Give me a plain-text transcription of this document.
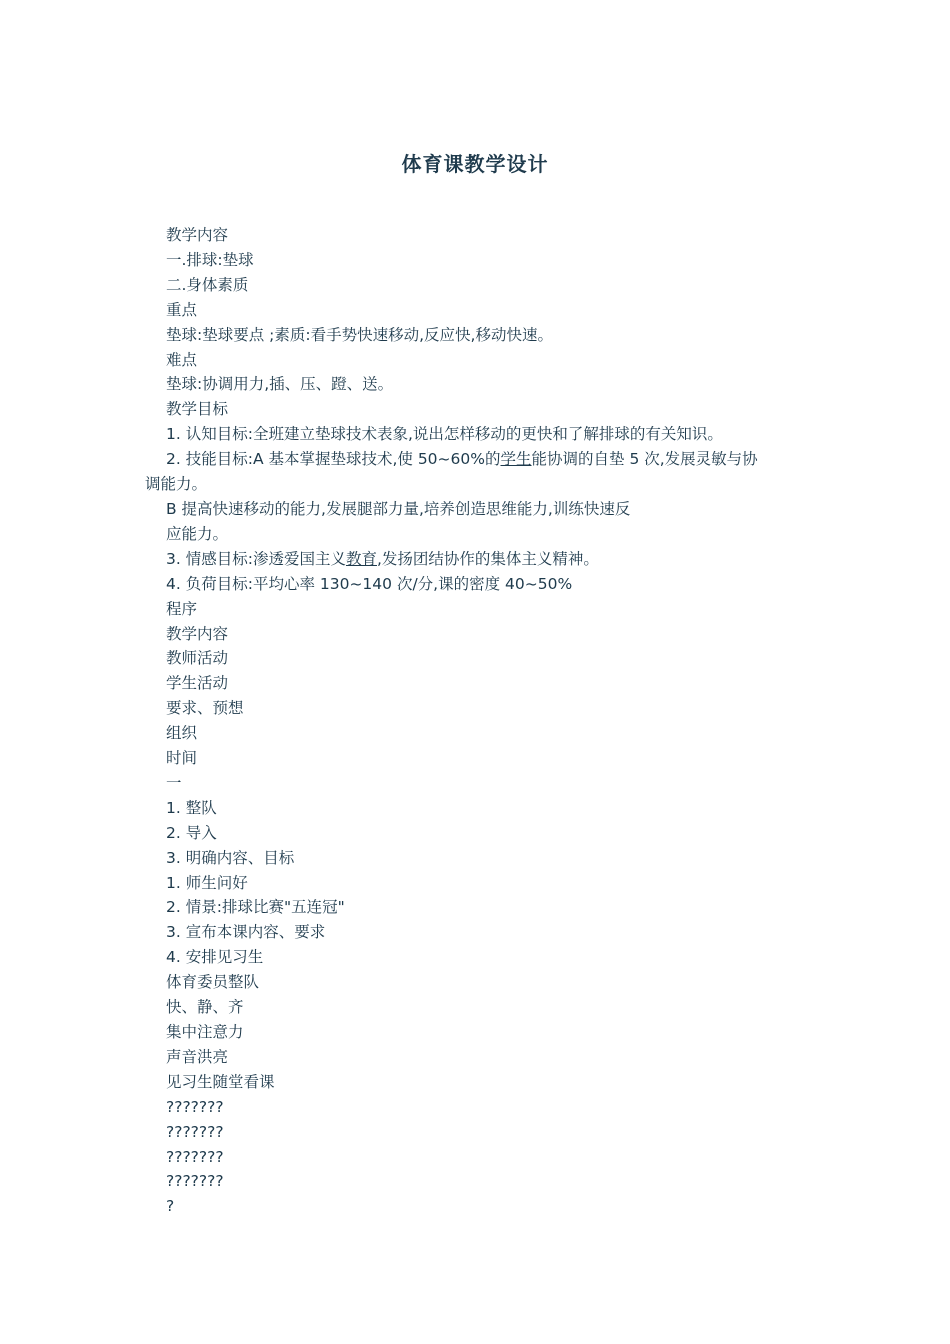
体育课教学设计

教学内容

一.排球:垫球

二.身体素质

重点

垫球:垫球要点 ;素质:看手势快速移动,反应快,移动快速。

难点

垫球:协调用力,插、压、蹬、送。

教学目标

1. 认知目标:全班建立垫球技术表象,说出怎样移动的更快和了解排球的有关知识。

2. 技能目标:A 基本掌握垫球技术,使 50~60%的学生能协调的自垫 5 次,发展灵敏与协

调能力。

B 提高快速移动的能力,发展腿部力量,培养创造思维能力,训练快速反

应能力。

3. 情感目标:渗透爱国主义教育,发扬团结协作的集体主义精神。

4. 负荷目标:平均心率 130~140 次/分,课的密度 40~50%

程序

教学内容

教师活动

学生活动

要求、预想

组织

时间

一

1. 整队

2. 导入

3. 明确内容、目标

1. 师生问好

2. 情景:排球比赛"五连冠"

3. 宣布本课内容、要求

4. 安排见习生

体育委员整队

快、静、齐

集中注意力

声音洪亮

见习生随堂看课

???????

???????

???????

???????

?
